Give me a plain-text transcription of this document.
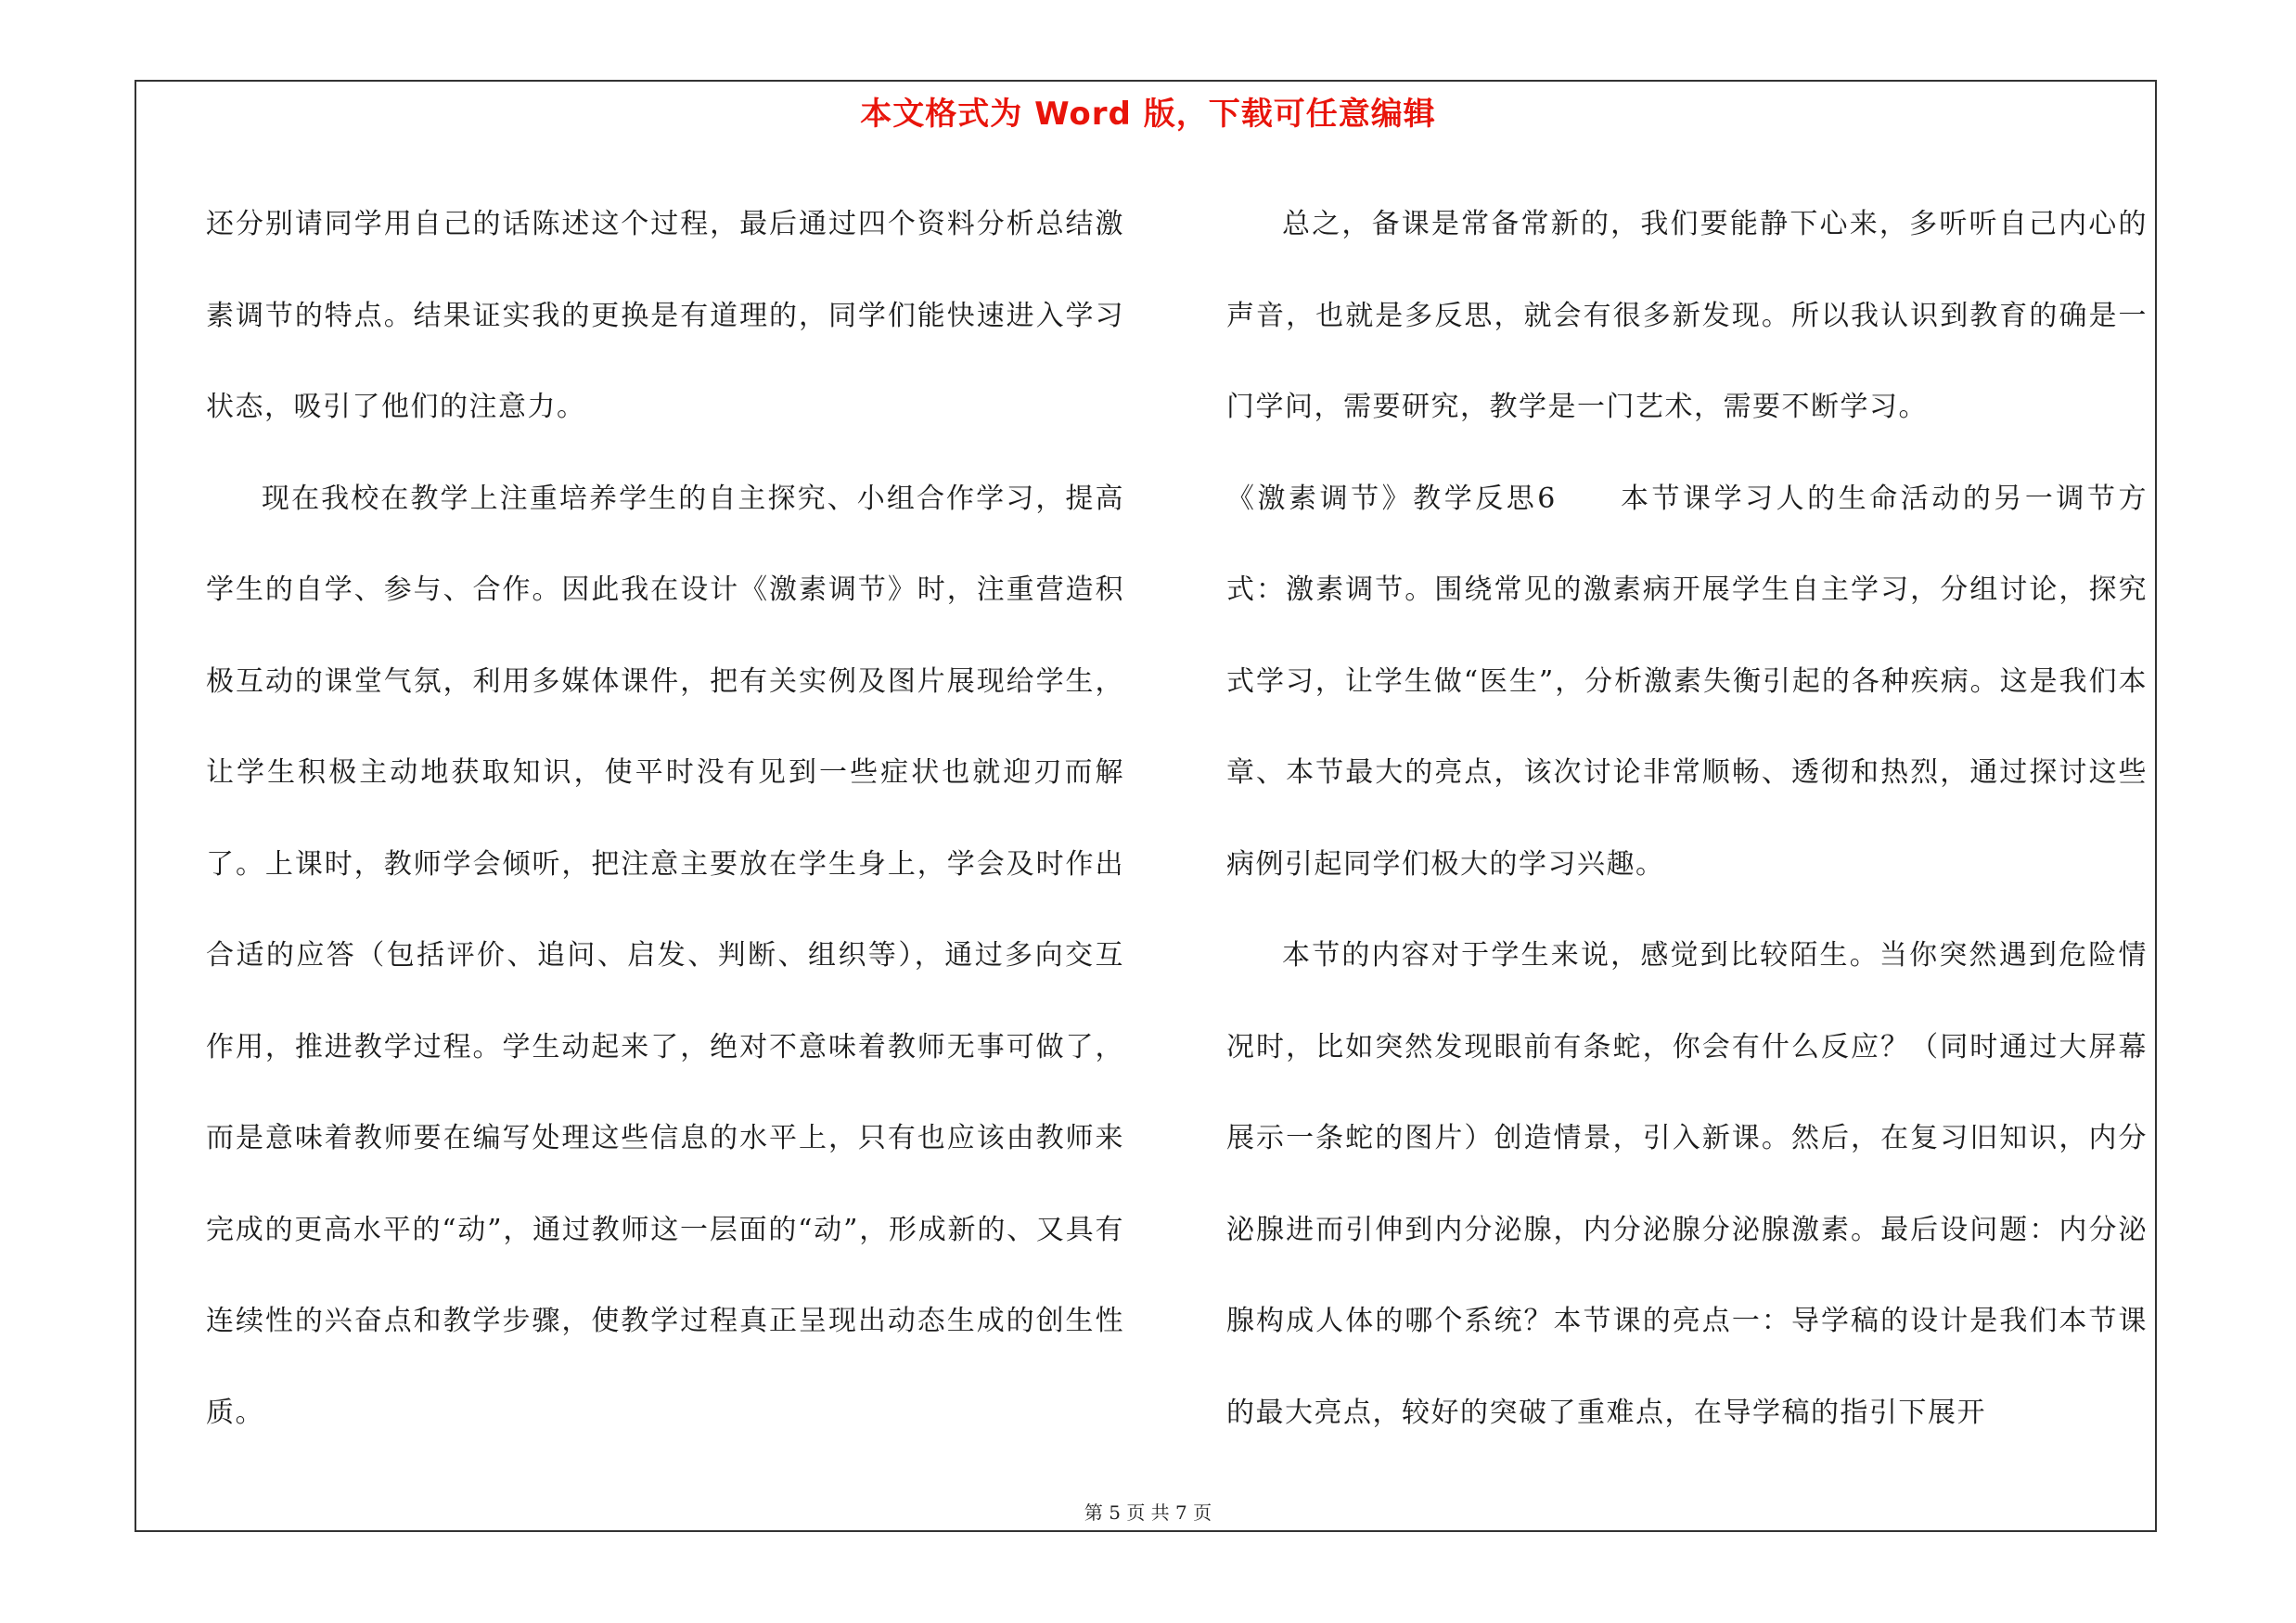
本文格式为 Word 版，下载可任意编辑

还分别请同学用自己的话陈述这个过程，最后通过四个资料分析总结激素调节的特点。结果证实我的更换是有道理的，同学们能快速进入学习状态，吸引了他们的注意力。

现在我校在教学上注重培养学生的自主探究、小组合作学习，提高学生的自学、参与、合作。因此我在设计《激素调节》时，注重营造积极互动的课堂气氛，利用多媒体课件，把有关实例及图片展现给学生，让学生积极主动地获取知识，使平时没有见到一些症状也就迎刃而解了。上课时，教师学会倾听，把注意主要放在学生身上，学会及时作出合适的应答（包括评价、追问、启发、判断、组织等），通过多向交互作用，推进教学过程。学生动起来了，绝对不意味着教师无事可做了，而是意味着教师要在编写处理这些信息的水平上，只有也应该由教师来完成的更高水平的“动”，通过教师这一层面的“动”，形成新的、又具有连续性的兴奋点和教学步骤，使教学过程真正呈现出动态生成的创生性质。

总之，备课是常备常新的，我们要能静下心来，多听听自己内心的声音，也就是多反思，就会有很多新发现。所以我认识到教育的确是一门学问，需要研究，教学是一门艺术，需要不断学习。

《激素调节》教学反思6　　本节课学习人的生命活动的另一调节方式：激素调节。围绕常见的激素病开展学生自主学习，分组讨论，探究式学习，让学生做“医生”，分析激素失衡引起的各种疾病。这是我们本章、本节最大的亮点，该次讨论非常顺畅、透彻和热烈，通过探讨这些病例引起同学们极大的学习兴趣。

本节的内容对于学生来说，感觉到比较陌生。当你突然遇到危险情况时，比如突然发现眼前有条蛇，你会有什么反应？（同时通过大屏幕展示一条蛇的图片）创造情景，引入新课。然后，在复习旧知识，内分泌腺进而引伸到内分泌腺，内分泌腺分泌腺激素。最后设问题：内分泌腺构成人体的哪个系统？本节课的亮点一：导学稿的设计是我们本节课的最大亮点，较好的突破了重难点，在导学稿的指引下展开

第 5 页 共 7 页
